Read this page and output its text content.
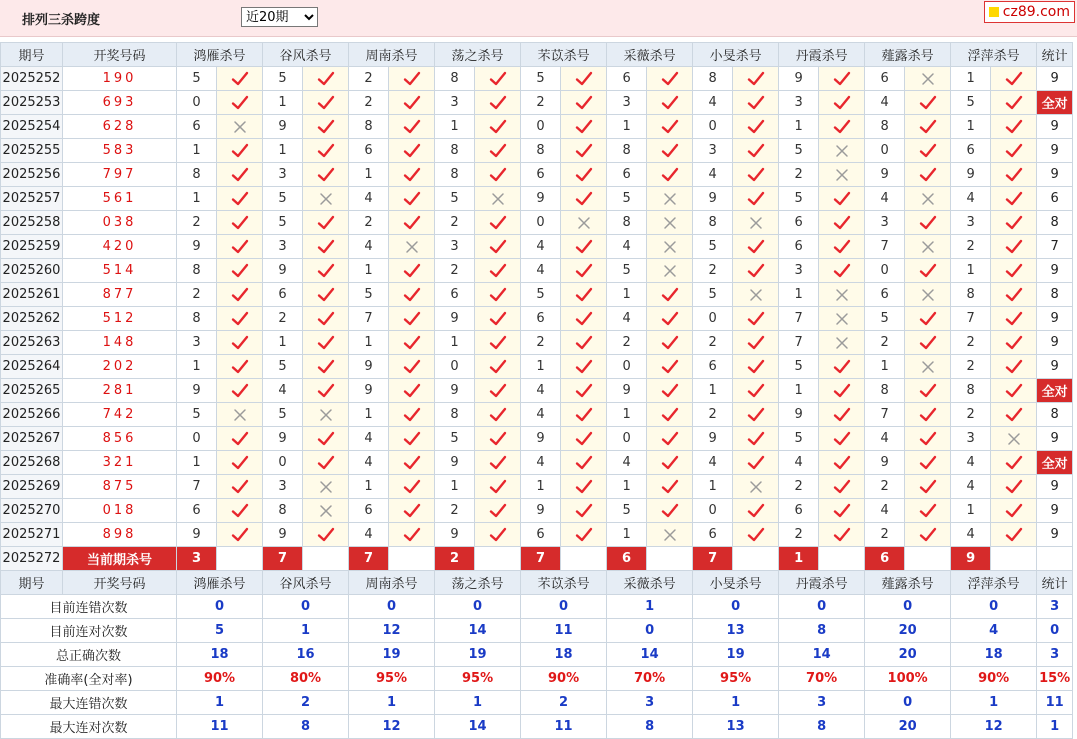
排列三杀跨度
近20期
cz89.com
期号	开奖号码	鸿雁杀号		谷风杀号		周南杀号		荡之杀号		芣苡杀号		采薇杀号		小旻杀号		丹霞杀号		薤露杀号		浮萍杀号		统计
2025252	190	5		5		2		8		5		6		8		9		6		1		9
2025253	693	0		1		2		3		2		3		4		3		4		5		全对
2025254	628	6		9		8		1		0		1		0		1		8		1		9
2025255	583	1		1		6		8		8		8		3		5		0		6		9
2025256	797	8		3		1		8		6		6		4		2		9		9		9
2025257	561	1		5		4		5		9		5		9		5		4		4		6
2025258	038	2		5		2		2		0		8		8		6		3		3		8
2025259	420	9		3		4		3		4		4		5		6		7		2		7
2025260	514	8		9		1		2		4		5		2		3		0		1		9
2025261	877	2		6		5		6		5		1		5		1		6		8		8
2025262	512	8		2		7		9		6		4		0		7		5		7		9
2025263	148	3		1		1		1		2		2		2		7		2		2		9
2025264	202	1		5		9		0		1		0		6		5		1		2		9
2025265	281	9		4		9		9		4		9		1		1		8		8		全对
2025266	742	5		5		1		8		4		1		2		9		7		2		8
2025267	856	0		9		4		5		9		0		9		5		4		3		9
2025268	321	1		0		4		9		4		4		4		4		9		4		全对
2025269	875	7		3		1		1		1		1		1		2		2		4		9
2025270	018	6		8		6		2		9		5		0		6		4		1		9
2025271	898	9		9		4		9		6		1		6		2		2		4		9
2025272	当前期杀号	3		7		7		2		7		6		7		1		6		9		
期号	开奖号码	鸿雁杀号		谷风杀号		周南杀号		荡之杀号		芣苡杀号		采薇杀号		小旻杀号		丹霞杀号		薤露杀号		浮萍杀号		统计
目前连错次数		0		0		0		0		0		1		0		0		0		0		3
目前连对次数		5		1		12		14		11		0		13		8		20		4		0
总正确次数		18		16		19		19		18		14		19		14		20		18		3
准确率(全对率)		90%		80%		95%		95%		90%		70%		95%		70%		100%		90%		15%
最大连错次数		1		2		1		1		2		3		1		3		0		1		11
最大连对次数		11		8		12		14		11		8		13		8		20		12		1
